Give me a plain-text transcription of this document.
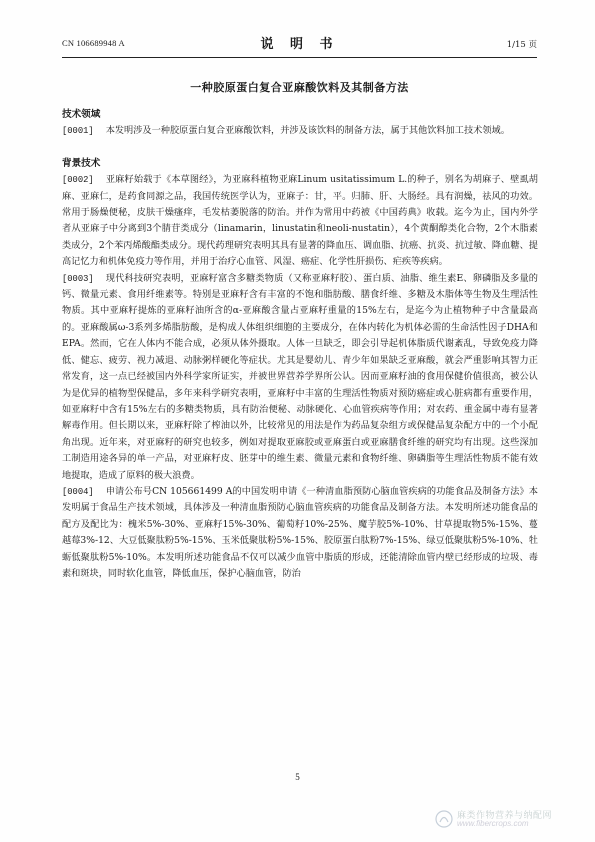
CN 106689948 A	说 明 书	1/15 页
一种胶原蛋白复合亚麻酸饮料及其制备方法
技术领域
[0001] 本发明涉及一种胶原蛋白复合亚麻酸饮料，并涉及该饮料的制备方法，属于其他饮料加工技术领域。
背景技术
[0002] 亚麻籽始载于《本草图经》，为亚麻科植物亚麻Linum usitatissimum L.的种子，别名为胡麻子、壁虱胡麻、亚麻仁，是药食同源之品，我国传统医学认为，亚麻子：甘，平。归肺、肝、大肠经。具有润燥，祛风的功效。常用于肠燥便秘，皮肤干燥瘙痒，毛发枯萎脱落的防治。并作为常用中药被《中国药典》收载。迄今为止，国内外学者从亚麻子中分离到3个腈苷类成分（linamarin，linustatin和neoli-nustatin），4个黄酮醇类化合物，2个木脂素类成分，2个苯丙烯酸酯类成分。现代药理研究表明其具有显著的降血压、调血脂、抗癌、抗炎、抗过敏、降血糖、提高记忆力和机体免疫力等作用，并用于治疗心血管、风湿、癌症、化学性肝损伤、疟疾等疾病。
[0003] 现代科技研究表明，亚麻籽富含多糖类物质（又称亚麻籽胶）、蛋白质、油脂、维生素E、卵磷脂及多量的钙、微量元素、食用纤维素等。特别是亚麻籽含有丰富的不饱和脂肪酸、膳食纤维、多糖及木脂体等生物及生理活性物质。其中亚麻籽提炼的亚麻籽油所含的α-亚麻酸含量占亚麻籽重量的15%左右，是迄今为止植物种子中含量最高的。亚麻酸属ω-3系列多烯脂肪酸，是构成人体组织细胞的主要成分，在体内转化为机体必需的生命活性因子DHA和EPA。然而，它在人体内不能合成，必须从体外摄取。人体一旦缺乏，即会引导起机体脂质代谢紊乱，导致免疫力降低、健忘、疲劳、视力减退、动脉粥样硬化等症状。尤其是婴幼儿、青少年如果缺乏亚麻酸，就会严重影响其智力正常发育，这一点已经被国内外科学家所证实，并被世界营养学界所公认。因而亚麻籽油的食用保健价值很高，被公认为是优异的植物型保健品，多年来科学研究表明，亚麻籽中丰富的生理活性物质对预防癌症或心脏病都有重要作用，如亚麻籽中含有15%左右的多糖类物质，具有防治便秘、动脉硬化、心血管疾病等作用；对农药、重金属中毒有显著解毒作用。但长期以来，亚麻籽除了榨油以外，比较常见的用法是作为药品复杂组方或保健品复杂配方中的一个小配角出现。近年来，对亚麻籽的研究也较多，例如对提取亚麻胶或亚麻蛋白或亚麻膳食纤维的研究均有出现。这些深加工制造用途各异的单一产品，对亚麻籽皮、胚芽中的维生素、微量元素和食物纤维、卵磷脂等生理活性物质不能有效地提取，造成了原料的极大浪费。
[0004] 申请公布号CN 105661499 A的中国发明申请《一种清血脂预防心脑血管疾病的功能食品及制备方法》本发明属于食品生产技术领域，具体涉及一种清血脂预防心脑血管疾病的功能食品及制备方法。本发明所述功能食品的配方及配比为：槐米5%-30%、亚麻籽15%-30%、葡萄籽10%-25%、魔芋胶5%-10%、甘草提取物5%-15%、蔓越莓3%-12、大豆低聚肽粉5%-15%、玉米低聚肽粉5%-15%、胶原蛋白肽粉7%-15%、绿豆低聚肽粉5%-10%、牡蛎低聚肽粉5%-10%。本发明所述功能食品不仅可以减少血管中脂质的形成，还能清除血管内壁已经形成的垃圾、毒素和斑块，同时软化血管，降低血压，保护心脑血管，防治
5
麻类作物营养与纳配网
www.fibercrops.com
